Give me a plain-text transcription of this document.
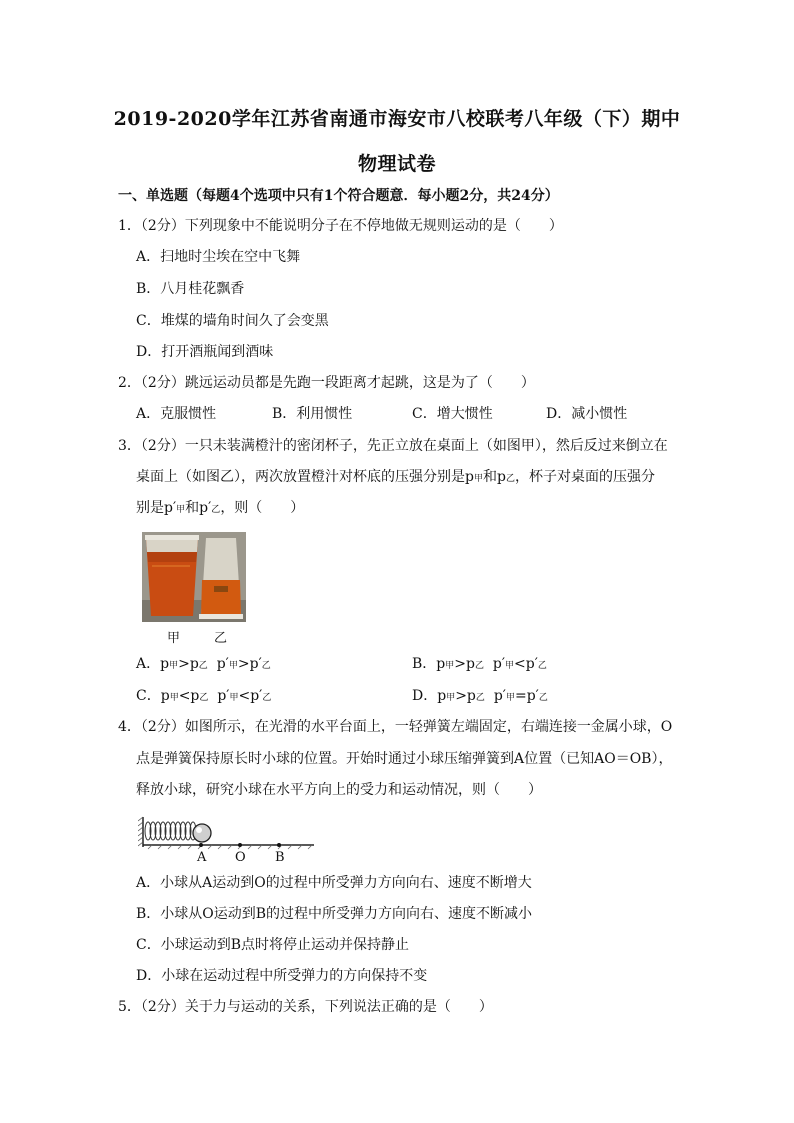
2019-2020学年江苏省南通市海安市八校联考八年级（下）期中
物理试卷
一、单选题（每题4个选项中只有1个符合题意．每小题2分，共24分）
1．（2分）下列现象中不能说明分子在不停地做无规则运动的是（　　）
A．扫地时尘埃在空中飞舞
B．八月桂花飘香
C．堆煤的墙角时间久了会变黑
D．打开酒瓶闻到酒味
2．（2分）跳远运动员都是先跑一段距离才起跳，这是为了（　　）
A．克服惯性	B．利用惯性	C．增大惯性	D．减小惯性
3．（2分）一只未装满橙汁的密闭杯子，先正立放在桌面上（如图甲），然后反过来倒立在
桌面上（如图乙），两次放置橙汁对杯底的压强分别是p甲和p乙，杯子对桌面的压强分
别是p′甲和p′乙，则（　　）
甲	乙
A．p甲>p乙  p′甲>p′乙	B．p甲>p乙  p′甲<p′乙
C．p甲<p乙  p′甲<p′乙	D．p甲>p乙  p′甲=p′乙
4．（2分）如图所示，在光滑的水平台面上，一轻弹簧左端固定，右端连接一金属小球，O
点是弹簧保持原长时小球的位置。开始时通过小球压缩弹簧到A位置（已知AO＝OB），
释放小球，研究小球在水平方向上的受力和运动情况，则（　　）
A O B
A．小球从A运动到O的过程中所受弹力方向向右、速度不断增大
B．小球从O运动到B的过程中所受弹力方向向右、速度不断减小
C．小球运动到B点时将停止运动并保持静止
D．小球在运动过程中所受弹力的方向保持不变
5．（2分）关于力与运动的关系，下列说法正确的是（　　）
